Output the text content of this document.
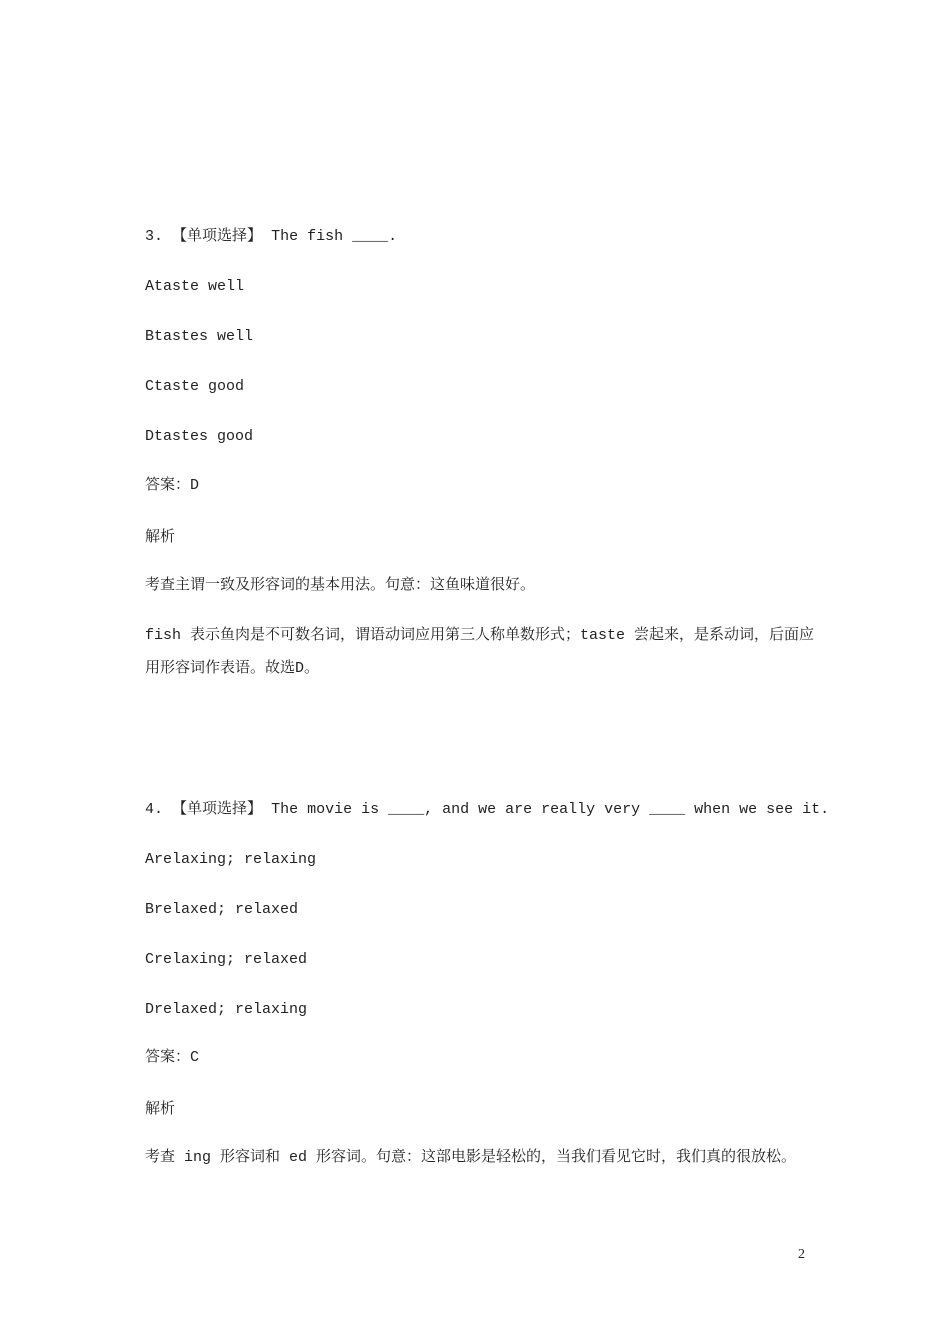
3. 【单项选择】 The fish ____.
Ataste well
Btastes well
Ctaste good
Dtastes good
答案：D
解析
考查主谓一致及形容词的基本用法。句意：这鱼味道很好。
fish 表示鱼肉是不可数名词，谓语动词应用第三人称单数形式；taste 尝起来，是系动词，后面应用形容词作表语。故选D。
4. 【单项选择】 The movie is ____, and we are really very ____ when we see it.
Arelaxing; relaxing
Brelaxed; relaxed
Crelaxing; relaxed
Drelaxed; relaxing
答案：C
解析
考查 ing 形容词和 ed 形容词。句意：这部电影是轻松的，当我们看见它时，我们真的很放松。
2
